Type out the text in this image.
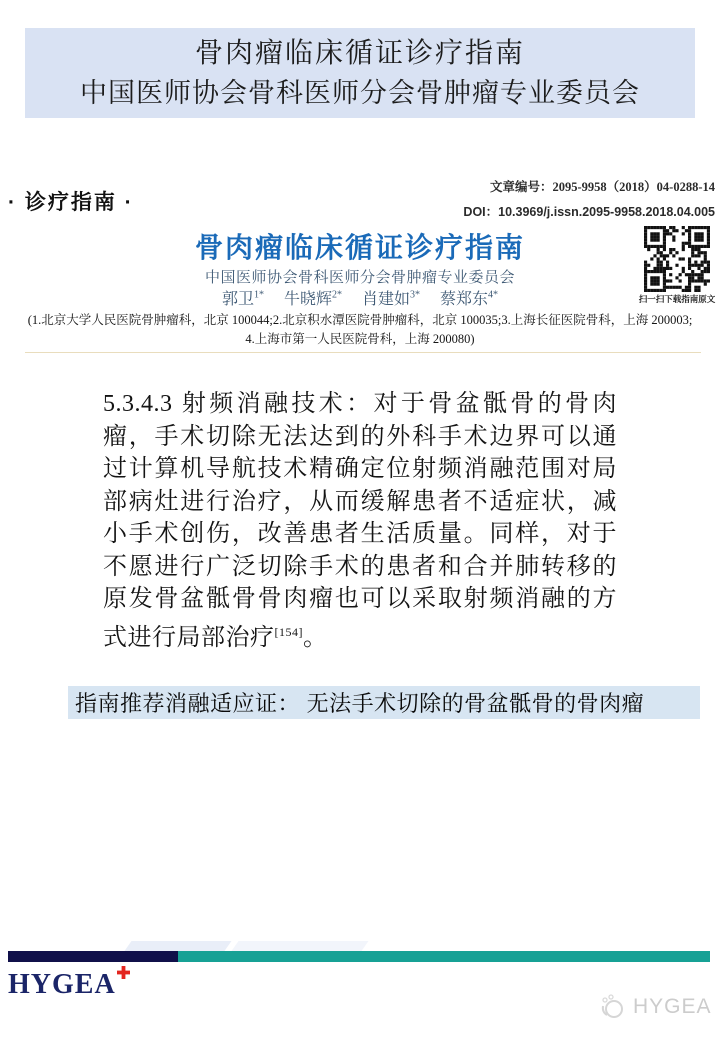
骨肉瘤临床循证诊疗指南
中国医师协会骨科医师分会骨肿瘤专业委员会
· 诊疗指南 ·
文章编号：2095-9958（2018）04-0288-14
DOI：10.3969/j.issn.2095-9958.2018.04.005
骨肉瘤临床循证诊疗指南
中国医师协会骨科医师分会骨肿瘤专业委员会
郭卫$^{1*}$ 牛晓辉$^{2*}$ 肖建如$^{3*}$ 蔡郑东$^{4*}$
(1.北京大学人民医院骨肿瘤科，北京 100044;2.北京积水潭医院骨肿瘤科，北京 100035;3.上海长征医院骨科，上海 200003;
4.上海市第一人民医院骨科，上海 200080)
扫一扫下载指南原文

5.3.4.3 射频消融技术：对于骨盆骶骨的骨肉瘤，手术切除无法达到的外科手术边界可以通过计算机导航技术精确定位射频消融范围对局部病灶进行治疗，从而缓解患者不适症状，减小手术创伤，改善患者生活质量。同样，对于不愿进行广泛切除手术的患者和合并肺转移的原发骨盆骶骨骨肉瘤也可以采取射频消融的方式进行局部治疗[154]。

指南推荐消融适应证： 无法手术切除的骨盆骶骨的骨肉瘤
HYGEA
HYGEA
